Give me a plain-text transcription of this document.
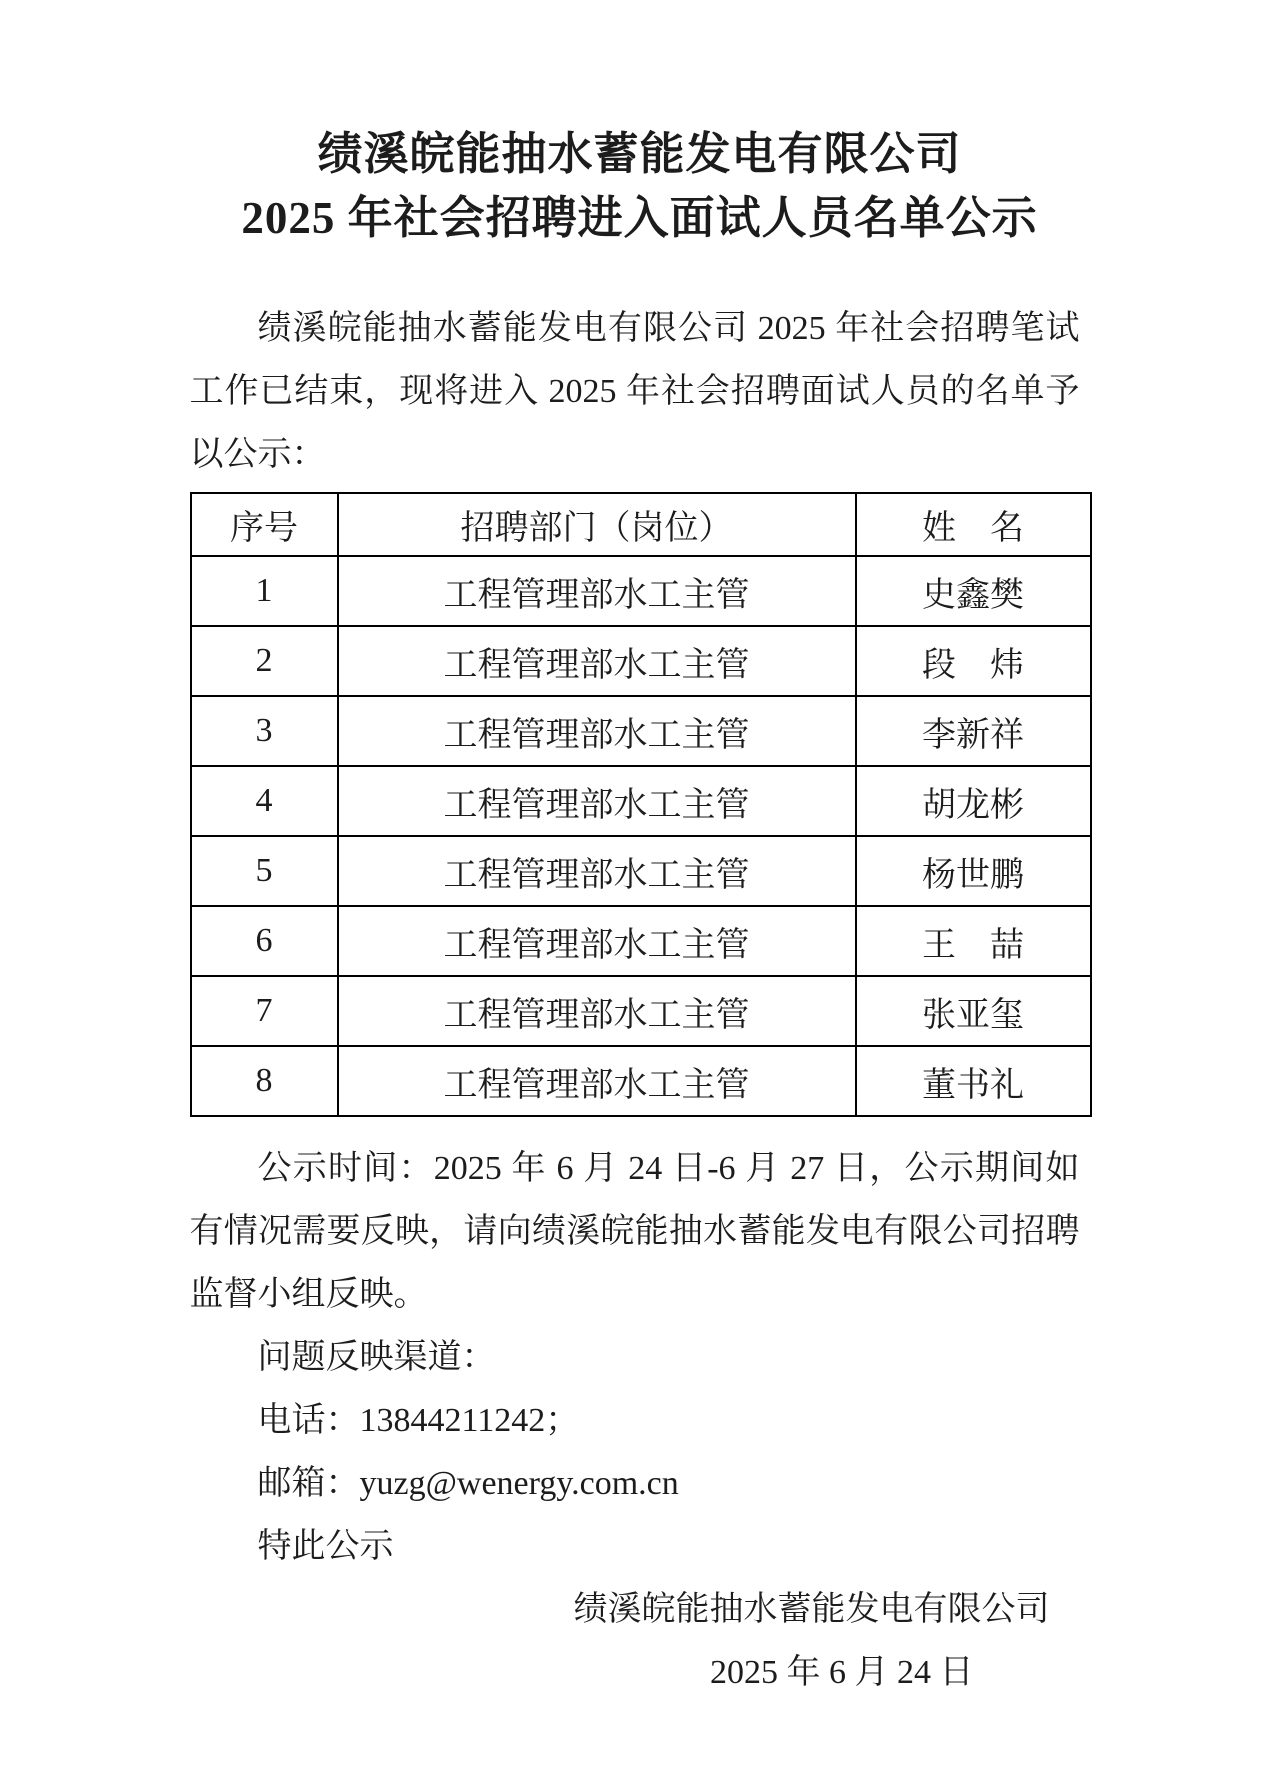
绩溪皖能抽水蓄能发电有限公司
2025 年社会招聘进入面试人员名单公示

绩溪皖能抽水蓄能发电有限公司 2025 年社会招聘笔试工作已结束，现将进入 2025 年社会招聘面试人员的名单予以公示：

序号	招聘部门（岗位）	姓　名
1	工程管理部水工主管	史鑫樊
2	工程管理部水工主管	段　炜
3	工程管理部水工主管	李新祥
4	工程管理部水工主管	胡龙彬
5	工程管理部水工主管	杨世鹏
6	工程管理部水工主管	王　喆
7	工程管理部水工主管	张亚玺
8	工程管理部水工主管	董书礼

公示时间：2025 年 6 月 24 日-6 月 27 日，公示期间如有情况需要反映，请向绩溪皖能抽水蓄能发电有限公司招聘监督小组反映。

问题反映渠道：

电话：13844211242；

邮箱：yuzg@wenergy.com.cn

特此公示

绩溪皖能抽水蓄能发电有限公司

2025 年 6 月 24 日
